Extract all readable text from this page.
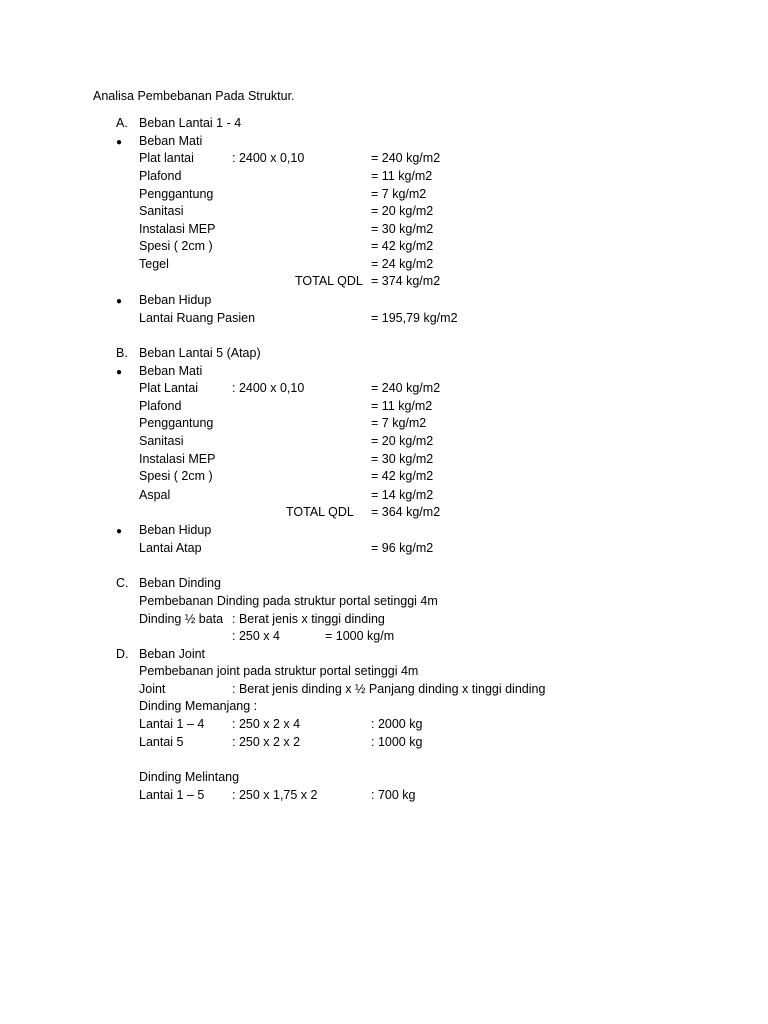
Analisa Pembebanan Pada Struktur.
A. Beban Lantai 1 - 4
● Beban Mati
Plat lantai	: 2400 x 0,10	= 240 kg/m2
Plafond	= 11 kg/m2
Penggantung	= 7 kg/m2
Sanitasi	= 20 kg/m2
Instalasi MEP	= 30 kg/m2
Spesi ( 2cm )	= 42 kg/m2
Tegel	= 24 kg/m2
TOTAL QDL = 374 kg/m2
● Beban Hidup
Lantai Ruang Pasien	= 195,79 kg/m2
B. Beban Lantai 5 (Atap)
● Beban Mati
Plat Lantai	: 2400 x 0,10	= 240 kg/m2
Plafond	= 11 kg/m2
Penggantung	= 7 kg/m2
Sanitasi	= 20 kg/m2
Instalasi MEP	= 30 kg/m2
Spesi ( 2cm )	= 42 kg/m2
Aspal	= 14 kg/m2
TOTAL QDL = 364 kg/m2
● Beban Hidup
Lantai Atap	= 96 kg/m2
C. Beban Dinding
Pembebanan Dinding pada struktur portal setinggi 4m
Dinding ½ bata : Berat jenis x tinggi dinding
: 250 x 4	= 1000 kg/m
D. Beban Joint
Pembebanan joint pada struktur portal setinggi 4m
Joint	: Berat jenis dinding x ½ Panjang dinding x tinggi dinding
Dinding Memanjang :
Lantai 1 – 4 : 250 x 2 x 4	: 2000 kg
Lantai 5	: 250 x 2 x 2	: 1000 kg
Dinding Melintang
Lantai 1 – 5 : 250 x 1,75 x 2	: 700 kg
